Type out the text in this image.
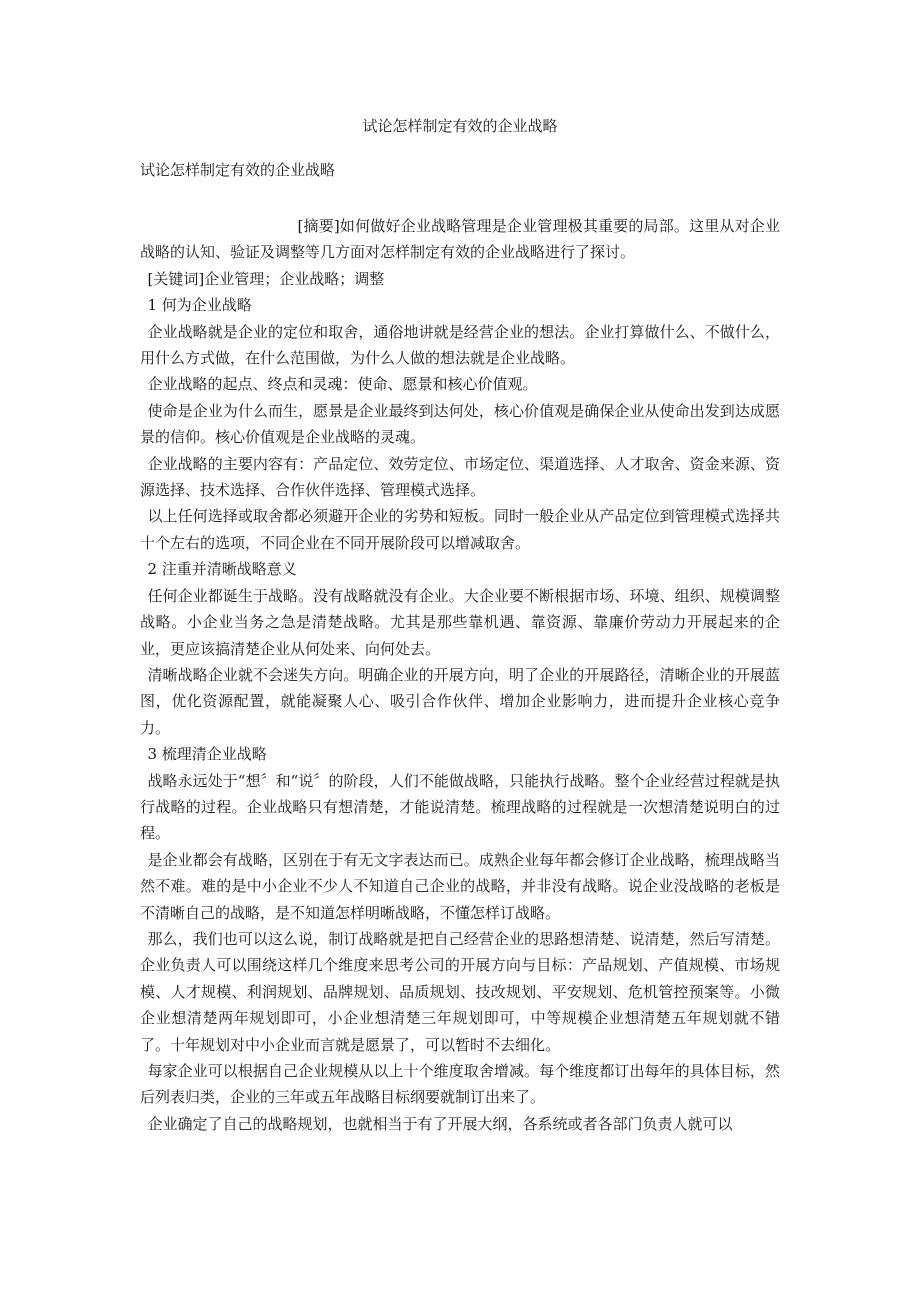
试论怎样制定有效的企业战略
试论怎样制定有效的企业战略

[摘要]如何做好企业战略管理是企业管理极其重要的局部。这里从对企业战略的认知、验证及调整等几方面对怎样制定有效的企业战略进行了探讨。

[关键词]企业管理；企业战略；调整

1 何为企业战略

企业战略就是企业的定位和取舍，通俗地讲就是经营企业的想法。企业打算做什么、不做什么，用什么方式做，在什么范围做，为什么人做的想法就是企业战略。

企业战略的起点、终点和灵魂：使命、愿景和核心价值观。

使命是企业为什么而生，愿景是企业最终到达何处，核心价值观是确保企业从使命出发到达成愿景的信仰。核心价值观是企业战略的灵魂。

企业战略的主要内容有：产品定位、效劳定位、市场定位、渠道选择、人才取舍、资金来源、资源选择、技术选择、合作伙伴选择、管理模式选择。

以上任何选择或取舍都必须避开企业的劣势和短板。同时一般企业从产品定位到管理模式选择共十个左右的选项，不同企业在不同开展阶段可以增减取舍。

2 注重并清晰战略意义

任何企业都诞生于战略。没有战略就没有企业。大企业要不断根据市场、环境、组织、规模调整战略。小企业当务之急是清楚战略。尤其是那些靠机遇、靠资源、靠廉价劳动力开展起来的企业，更应该搞清楚企业从何处来、向何处去。

清晰战略企业就不会迷失方向。明确企业的开展方向，明了企业的开展路径，清晰企业的开展蓝图，优化资源配置，就能凝聚人心、吸引合作伙伴、增加企业影响力，进而提升企业核心竞争力。

3 梳理清企业战略

战略永远处于“想〞和“说〞的阶段，人们不能做战略，只能执行战略。整个企业经营过程就是执行战略的过程。企业战略只有想清楚，才能说清楚。梳理战略的过程就是一次想清楚说明白的过程。

是企业都会有战略，区别在于有无文字表达而已。成熟企业每年都会修订企业战略，梳理战略当然不难。难的是中小企业不少人不知道自己企业的战略，并非没有战略。说企业没战略的老板是不清晰自己的战略，是不知道怎样明晰战略，不懂怎样订战略。

那么，我们也可以这么说，制订战略就是把自己经营企业的思路想清楚、说清楚，然后写清楚。企业负责人可以围绕这样几个维度来思考公司的开展方向与目标：产品规划、产值规模、市场规模、人才规模、利润规划、品牌规划、品质规划、技改规划、平安规划、危机管控预案等。小微企业想清楚两年规划即可，小企业想清楚三年规划即可，中等规模企业想清楚五年规划就不错了。十年规划对中小企业而言就是愿景了，可以暂时不去细化。

每家企业可以根据自己企业规模从以上十个维度取舍增减。每个维度都订出每年的具体目标，然后列表归类，企业的三年或五年战略目标纲要就制订出来了。

企业确定了自己的战略规划，也就相当于有了开展大纲，各系统或者各部门负责人就可以
